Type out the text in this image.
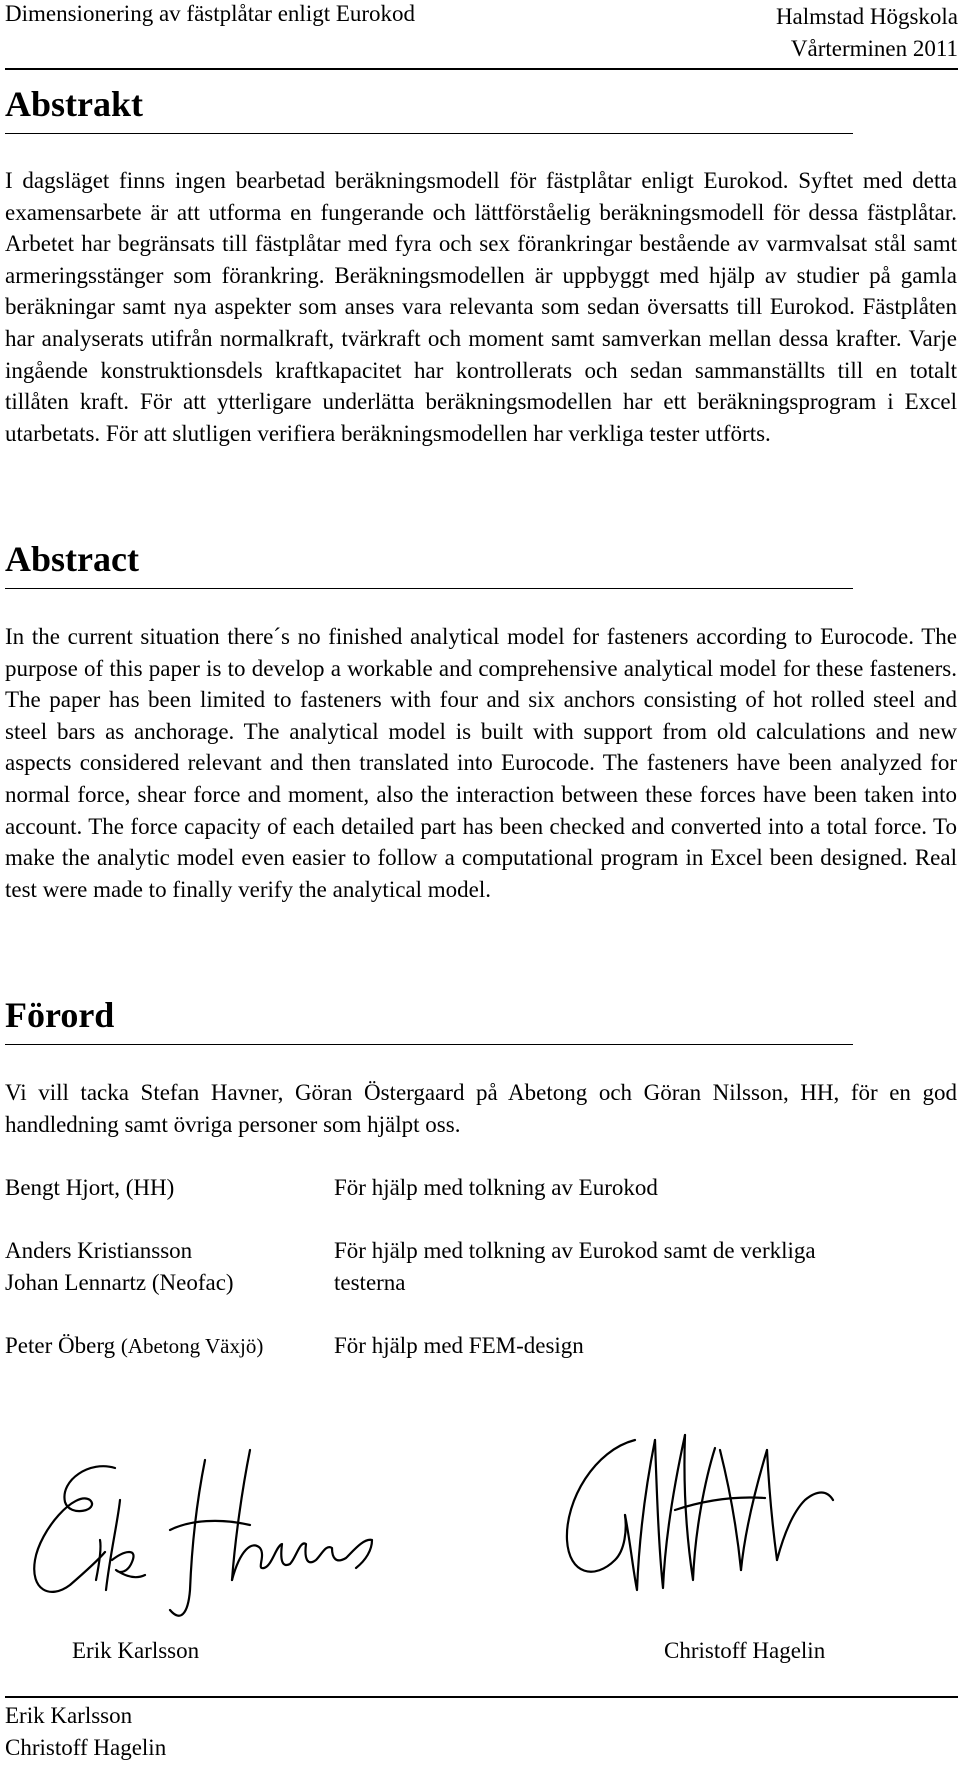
Dimensionering av fästplåtar enligt Eurokod	Halmstad Högskola
Vårterminen 2011
Abstrakt

I dagsläget finns ingen bearbetad beräkningsmodell för fästplåtar enligt Eurokod. Syftet med detta examensarbete är att utforma en fungerande och lättförståelig beräkningsmodell för dessa fästplåtar. Arbetet har begränsats till fästplåtar med fyra och sex förankringar bestående av varmvalsat stål samt armeringsstänger som förankring. Beräkningsmodellen är uppbyggt med hjälp av studier på gamla beräkningar samt nya aspekter som anses vara relevanta som sedan översatts till Eurokod. Fästplåten har analyserats utifrån normalkraft, tvärkraft och moment samt samverkan mellan dessa krafter. Varje ingående konstruktionsdels kraftkapacitet har kontrollerats och sedan sammanställts till en totalt tillåten kraft. För att ytterligare underlätta beräkningsmodellen har ett beräkningsprogram i Excel utarbetats. För att slutligen verifiera beräkningsmodellen har verkliga tester utförts.

Abstract

In the current situation there´s no finished analytical model for fasteners according to Eurocode. The purpose of this paper is to develop a workable and comprehensive analytical model for these fasteners. The paper has been limited to fasteners with four and six anchors consisting of hot rolled steel and steel bars as anchorage. The analytical model is built with support from old calculations and new aspects considered relevant and then translated into Eurocode. The fasteners have been analyzed for normal force, shear force and moment, also the interaction between these forces have been taken into account. The force capacity of each detailed part has been checked and converted into a total force. To make the analytic model even easier to follow a computational program in Excel been designed. Real test were made to finally verify the analytical model.

Förord

Vi vill tacka Stefan Havner, Göran Östergaard på Abetong och Göran Nilsson, HH, för en god handledning samt övriga personer som hjälpt oss.

Bengt Hjort, (HH)	För hjälp med tolkning av Eurokod
Anders Kristiansson	För hjälp med tolkning av Eurokod samt de verkliga
Johan Lennartz (Neofac)	testerna
Peter Öberg (Abetong Växjö)	För hjälp med FEM-design
Erik Karlsson	Christoff Hagelin
Erik Karlsson
Christoff Hagelin
